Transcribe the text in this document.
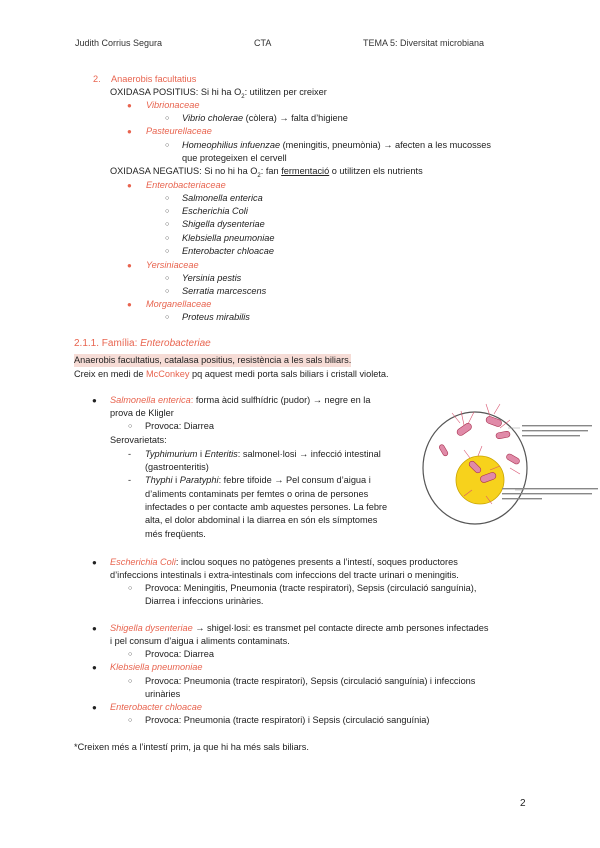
Judith Corrius Segura	CTA	TEMA 5: Diversitat microbiana
2. Anaerobis facultatius
OXIDASA POSITIUS: Si hi ha $O_2$: utilitzen per creixer
● Vibrionaceae
○ Vibrio cholerae (còlera) → falta d’higiene
● Pasteurellaceae
○ Homeophilius infuenzae (meningitis, pneumònia) → afecten a les mucosses
que protegeixen el cervell
OXIDASA NEGATIUS: Si no hi ha $O_2$: fan fermentació o utilitzen els nutrients
● Enterobacteriaceae
○ Salmonella enterica
○ Escherichia Coli
○ Shigella dysenteriae
○ Klebsiella pneumoniae
○ Enterobacter chloacae
● Yersiniaceae
○ Yersinia pestis
○ Serratia marcescens
● Morganellaceae
○ Proteus mirabilis
2.1.1. Família: Enterobacteriae
Anaerobis facultatius, catalasa positius, resistència a les sals biliars.
Creix en medi de McConkey pq aquest medi porta sals biliars i cristall violeta.
● Salmonella enterica: forma àcid sulfhídric (pudor) → negre en la
prova de Kligler
○ Provoca: Diarrea
Serovarietats:
- Typhimurium i Enteritis: salmonel·losi → infecció intestinal
(gastroenteritis)
- Thyphi i Paratyphi: febre tifoide → Pel consum d’aigua i
d’aliments contaminats per femtes o orina de persones
infectades o per contacte amb aquestes persones. La febre
alta, el dolor abdominal i la diarrea en són els símptomes
més freqüents.
● Escherichia Coli: inclou soques no patògenes presents a l’intestí, soques productores
d’infeccions intestinals i extra-intestinals com infeccions del tracte urinari o meningitis.
○ Provoca: Meningitis, Pneumonia (tracte respiratori), Sepsis (circulació sanguínia),
Diarrea i infeccions urinàries.
● Shigella dysenteriae → shigel·losi: es transmet pel contacte directe amb persones infectades
i pel consum d’aigua i aliments contaminats.
○ Provoca: Diarrea
● Klebsiella pneumoniae
○ Provoca: Pneumonia (tracte respiratori), Sepsis (circulació sanguínia) i infeccions
urinàries
● Enterobacter chloacae
○ Provoca: Pneumonia (tracte respiratori) i Sepsis (circulació sanguínia)
*Creixen més a l’intestí prim, ja que hi ha més sals biliars.
2
